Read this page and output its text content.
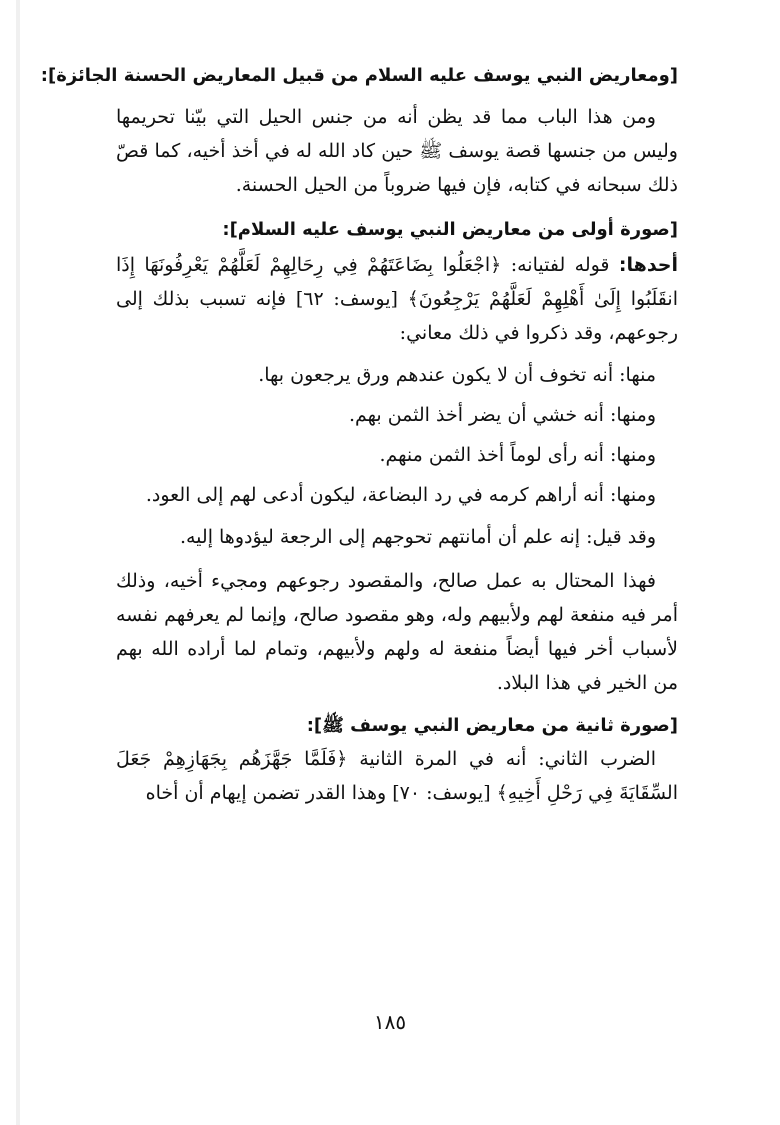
[ومعاريض النبي يوسف عليه السلام من قبيل المعاريض الحسنة الجائزة]:

ومن هذا الباب مما قد يظن أنه من جنس الحيل التي بيّنا تحريمها وليس من جنسها قصة يوسف ﷺ حين كاد الله له في أخذ أخيه، كما قصّ ذلك سبحانه في كتابه، فإن فيها ضروباً من الحيل الحسنة.

[صورة أولى من معاريض النبي يوسف عليه السلام]:

أحدها: قوله لفتيانه: ﴿اجْعَلُوا بِضَاعَتَهُمْ فِي رِحَالِهِمْ لَعَلَّهُمْ يَعْرِفُونَهَا إِذَا انقَلَبُوا إِلَىٰ أَهْلِهِمْ لَعَلَّهُمْ يَرْجِعُونَ﴾ [يوسف: ٦٢] فإنه تسبب بذلك إلى رجوعهم، وقد ذكروا في ذلك معاني:

منها: أنه تخوف أن لا يكون عندهم ورق يرجعون بها.

ومنها: أنه خشي أن يضر أخذ الثمن بهم.

ومنها: أنه رأى لوماً أخذ الثمن منهم.

ومنها: أنه أراهم كرمه في رد البضاعة، ليكون أدعى لهم إلى العود.

وقد قيل: إنه علم أن أمانتهم تحوجهم إلى الرجعة ليؤدوها إليه.

فهذا المحتال به عمل صالح، والمقصود رجوعهم ومجيء أخيه، وذلك أمر فيه منفعة لهم ولأبيهم وله، وهو مقصود صالح، وإنما لم يعرفهم نفسه لأسباب أخر فيها أيضاً منفعة له ولهم ولأبيهم، وتمام لما أراده الله بهم من الخير في هذا البلاد.

[صورة ثانية من معاريض النبي يوسف ﷺ]:

الضرب الثاني: أنه في المرة الثانية ﴿فَلَمَّا جَهَّزَهُم بِجَهَازِهِمْ جَعَلَ السِّقَايَةَ فِي رَحْلِ أَخِيهِ﴾ [يوسف: ٧٠] وهذا القدر تضمن إيهام أن أخاه

١٨٥
